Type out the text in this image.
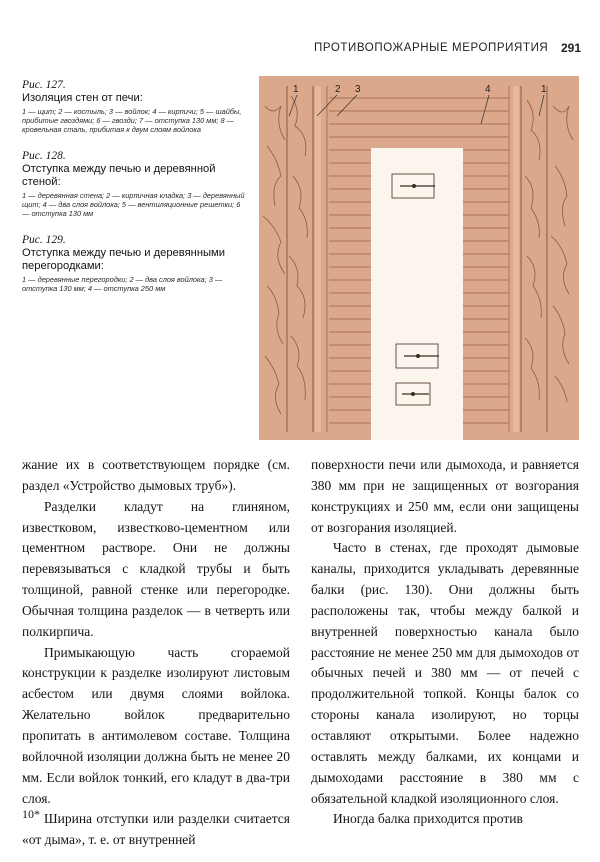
ПРОТИВОПОЖАРНЫЕ МЕРОПРИЯТИЯ 291
Рис. 127.
Изоляция стен от печи:
1 — щит; 2 — костыль; 3 — войлок; 4 — кирпичи; 5 — шайбы, прибитые гвоздями; 6 — гвозди; 7 — отступка 130 мм; 8 — кровельная сталь, прибитая к двум слоям войлока
Рис. 128.
Отступка между печью и деревянной стеной:
1 — деревянная стена; 2 — кирпичная кладка; 3 — деревянный щит; 4 — два слоя войлока; 5 — вентиляционные решетки; 6 — отступка 130 мм
Рис. 129.
Отступка между печью и деревянными перегородками:
1 — деревянные перегородки; 2 — два слоя войлока; 3 — отступка 130 мм; 4 — отступка 250 мм
1	2 3	4	1

жание их в соответствующем порядке (см. раздел «Устройство дымовых труб»).

Разделки кладут на глиняном, известковом, известково-цементном или цементном растворе. Они не должны перевязываться с кладкой трубы и быть толщиной, равной стенке или перегородке. Обычная толщина разделок — в четверть или полкирпича.

Примыкающую часть сгораемой конструкции к разделке изолируют листовым асбестом или двумя слоями войлока. Желательно войлок предварительно пропитать в антимолевом составе. Толщина войлочной изоляции должна быть не менее 20 мм. Если войлок тонкий, его кладут в два-три слоя.

Ширина отступки или разделки считается «от дыма», т. е. от внутренней

поверхности печи или дымохода, и равняется 380 мм при не защищенных от возгорания конструкциях и 250 мм, если они защищены от возгорания изоляцией.

Часто в стенах, где проходят дымовые каналы, приходится укладывать деревянные балки (рис. 130). Они должны быть расположены так, чтобы между балкой и внутренней поверхностью канала было расстояние не менее 250 мм для дымоходов от обычных печей и 380 мм — от печей с продолжительной топкой. Концы балок со стороны канала изолируют, но торцы оставляют открытыми. Более надежно оставлять между балками, их концами и дымоходами расстояние в 380 мм с обязательной кладкой изоляционного слоя.

Иногда балка приходится против

10*
